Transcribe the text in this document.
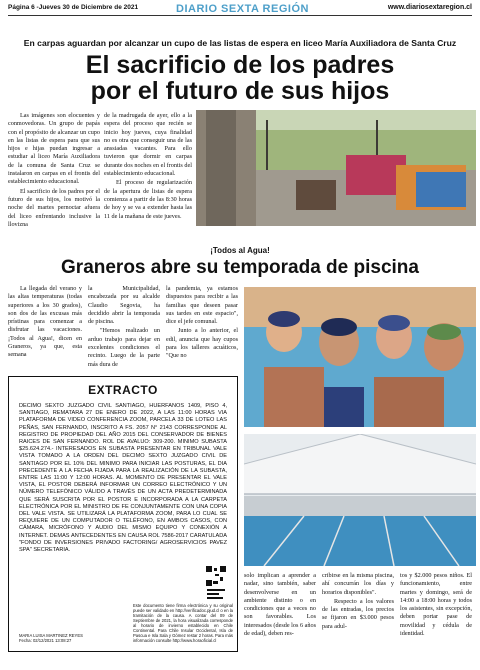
Página 6 -Jueves 30 de Diciembre de 2021	DIARIO SEXTA REGIÓN	www.diariosextaregion.cl
En carpas aguardan por alcanzar un cupo de las listas de espera en liceo María Auxiliadora de Santa Cruz
El sacrificio de los padres
por el futuro de sus hijos

Las imágenes son elocuentes y conmovedoras. Un grupo de papás con el propósito de alcanzar un cupo en las listas de espera para que sus hijos e hijas puedan ingresar a estudiar al liceo María Auxiliadora de la comuna de Santa Cruz se instalaron en carpas en el frontis del establecimiento educacional.

El sacrificio de los padres por el futuro de sus hijos, los motivó la noche del martes pernoctar afuera del liceo enfrentando inclusive la llovizna

de la madrugada de ayer, ello a la espera del proceso que recién se inicio hoy jueves, cuya finalidad no es otra que conseguir una de las anssiadas vacantes. Para ello tuvieron que dormir en carpas durante dos noches en el frontis del establecimiento educacional.

El proceso de regularización de la apertura de listas de espera comienza a partir de las 8:30 horas de hoy y se va a extender hasta las 11 de la mañana de este jueves.

¡Todos al Agua!
Graneros abre su temporada de piscina

La llegada del verano y las altas temperaturas (todas superiores a los 30 grados), son dos de las excusas más prístinas para comenzar a disfrutar las vacaciones. ¡Todos al Agua!, dicen en Graneros, ya que, esta semana

la Municipalidad, encabezada por su alcalde Claudio Segovia, ha decidido abrir la temporada de piscina.

"Hemos realizado un arduo trabajo para dejar en excelentes condiciones el recinto. Luego de la parte más dura de

la pandemia, ya estamos dispuestos para recibir a las familias que deseen pasar sus tardes en este espacio", dice el jefe comunal.

Junto a lo anterior, el edil, anuncia que hay cupos para los talleres acuáticos, "Que no

EXTRACTO
DECIMO SEXTO JUZGADO CIVIL SANTIAGO, HUERFANOS 1409, PISO 4, SANTIAGO, REMATARA 27 DE ENERO DE 2022, A LAS 11:00 HORAS VIA PLATAFORMA DE VIDEO CONFERENCIA ZOOM, PARCELA 33 DE LOTEO LAS PEÑAS, SAN FERNANDO, INSCRITO A FS. 2057 N° 2143 CORRESPONDE AL REGISTRO DE PROPIEDAD DEL AÑO 2015 DEL CONSERVADOR DE BIENES RAICES DE SAN FERNANDO. ROL DE AVALUO: 309-200. MINIMO SUBASTA $25.624.274.- INTERESADOS EN SUBASTA PRESENTAR EN TRIBUNAL VALE VISTA TOMADO A LA ORDEN DEL DECIMO SEXTO JUZGADO CIVIL DE SANTIAGO POR EL 10% DEL MINIMO PARA INICIAR LAS POSTURAS, EL DIA PRECEDENTE A LA FECHA FIJADA PARA LA REALIZACIÓN DE LA SUBASTA, ENTRE LAS 11:00 Y 12:00 HORAS. AL MOMENTO DE PRESENTAR EL VALE VISTA, EL POSTOR DEBERÁ INFORMAR UN CORREO ELECTRÓNICO Y UN NÚMERO TELEFÓNICO VÁLIDO A TRAVÉS DE UN ACTA PREDETERMINADA QUE SERÁ SUSCRITA POR EL POSTOR E INCORPORADA A LA CARPETA ELECTRÓNICA POR EL MINISTRO DE FE CONJUNTAMENTE CON UNA COPIA DEL VALE VISTA. SE UTILIZARÁ LA PLATAFORMA ZOOM, PARA LO CUAL SE REQUIERE DE UN COMPUTADOR O TELÉFONO, EN AMBOS CASOS, CON CÁMARA, MICRÓFONO Y AUDIO DEL MISMO EQUIPO Y CONEXIÓN A INTERNET. DEMAS ANTECEDENTES EN CAUSA ROL 7586-2017 CARATULADA "FONDO DE INVERSIONES PRIVADO FACTORING/ AGROSERVICIOS PAVEZ SPA" SECRETARIA.
MARIA LUISA MARTINEZ REYES
Fecha: 02/12/2021 13:08:27
Este documento tiene firma electrónica y su original puede ser validado en http://verificadoc.pjud.cl o en la tramitación de la causa. A contar del 09 de Septiembre de 2021, la hora visualizada corresponde al horario de invierno establecido en Chile Continental. Para Chile Insular Occidental, Isla de Pascua e Isla Sala y Gómez restar 2 horas. Para más información consulte http://www.horaoficial.cl

solo implican a aprender a nadar, sino también, saber desenvolverse en un ambiente distinto o en condiciones que a veces no son favorables. Los interesados (desde los 6 años de edad), deben res-

cribirse en la misma piscina, ahí concurrán los días y horarios disponibles".

Respecto a los valores de las entradas, los precios se fijaron en $3.000 pesos para adul-

tos y $2.000 pesos niños. El funcionamiento, entre martes y domingo, será de 14:00 a 18:00 horas y todos los asistentes, sin excepción, deben portar pase de movilidad y cédula de identidad.
